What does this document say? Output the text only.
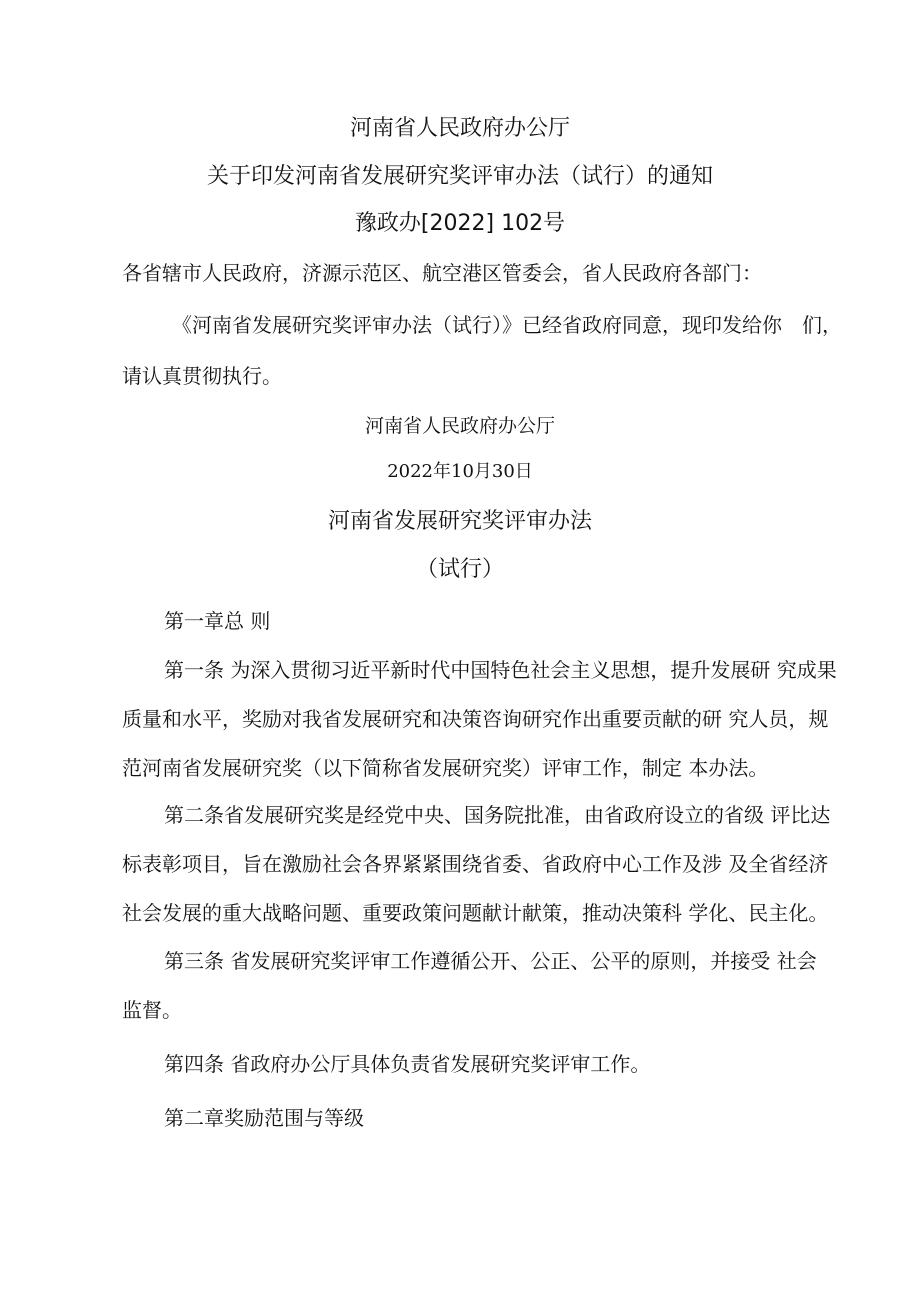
河南省人民政府办公厅
关于印发河南省发展研究奖评审办法（试行）的通知
豫政办[2022] 102号
各省辖市人民政府，济源示范区、航空港区管委会，省人民政府各部门：
《河南省发展研究奖评审办法（试行）》已经省政府同意，现印发给你　们，
请认真贯彻执行。
河南省人民政府办公厅
2022年10月30日
河南省发展研究奖评审办法
（试行）
第一章总 则
第一条 为深入贯彻习近平新时代中国特色社会主义思想，提升发展研 究成果
质量和水平，奖励对我省发展研究和决策咨询研究作出重要贡献的研 究人员，规
范河南省发展研究奖（以下简称省发展研究奖）评审工作，制定 本办法。
第二条省发展研究奖是经党中央、国务院批准，由省政府设立的省级 评比达
标表彰项目，旨在激励社会各界紧紧围绕省委、省政府中心工作及涉 及全省经济
社会发展的重大战略问题、重要政策问题献计献策，推动决策科 学化、民主化。
第三条 省发展研究奖评审工作遵循公开、公正、公平的原则，并接受 社会
监督。
第四条 省政府办公厅具体负责省发展研究奖评审工作。
第二章奖励范围与等级
